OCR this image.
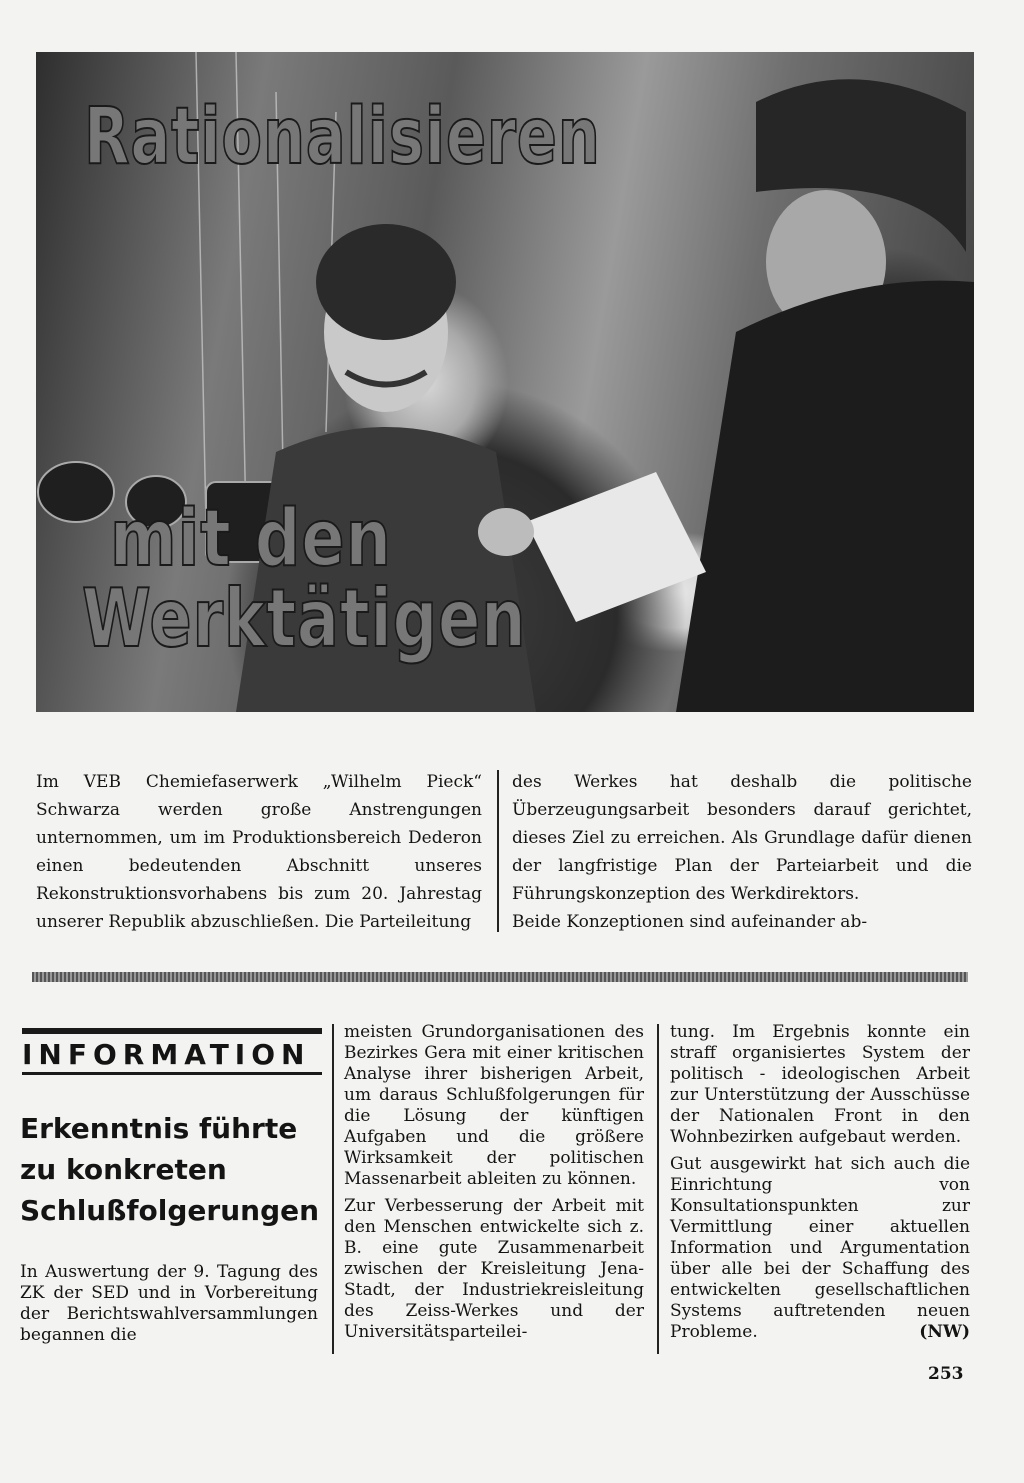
Rationalisieren
mit den
Werktätigen

Im VEB Chemiefaserwerk „Wilhelm Pieck“ Schwarza werden große Anstrengungen unternommen, um im Produktionsbereich Dederon einen bedeutenden Abschnitt unseres Rekonstruktionsvorhabens bis zum 20. Jahrestag unserer Republik abzuschließen. Die Parteileitung

des Werkes hat deshalb die politische Überzeugungsarbeit besonders darauf gerichtet, dieses Ziel zu erreichen. Als Grundlage dafür dienen der langfristige Plan der Parteiarbeit und die Führungskonzeption des Werkdirektors.

Beide Konzeptionen sind aufeinander ab-

INFORMATION
Erkenntnis führte
zu konkreten
Schlußfolgerungen

In Auswertung der 9. Tagung des ZK der SED und in Vorbereitung der Berichtswahlversammlungen begannen die

meisten Grundorganisationen des Bezirkes Gera mit einer kritischen Analyse ihrer bisherigen Arbeit, um daraus Schlußfolgerungen für die Lösung der künftigen Aufgaben und die größere Wirksamkeit der politischen Massenarbeit ableiten zu können.

Zur Verbesserung der Arbeit mit den Menschen entwickelte sich z. B. eine gute Zusammenarbeit zwischen der Kreisleitung Jena-Stadt, der Industriekreisleitung des Zeiss-Werkes und der Universitätsparteilei-

tung. Im Ergebnis konnte ein straff organisiertes System der politisch - ideologischen Arbeit zur Unterstützung der Ausschüsse der Nationalen Front in den Wohnbezirken aufgebaut werden.

Gut ausgewirkt hat sich auch die Einrichtung von Konsultationspunkten zur Vermittlung einer aktuellen Information und Argumentation über alle bei der Schaffung des entwickelten gesellschaftlichen Systems auftretenden neuen Probleme.	(NW)

253
